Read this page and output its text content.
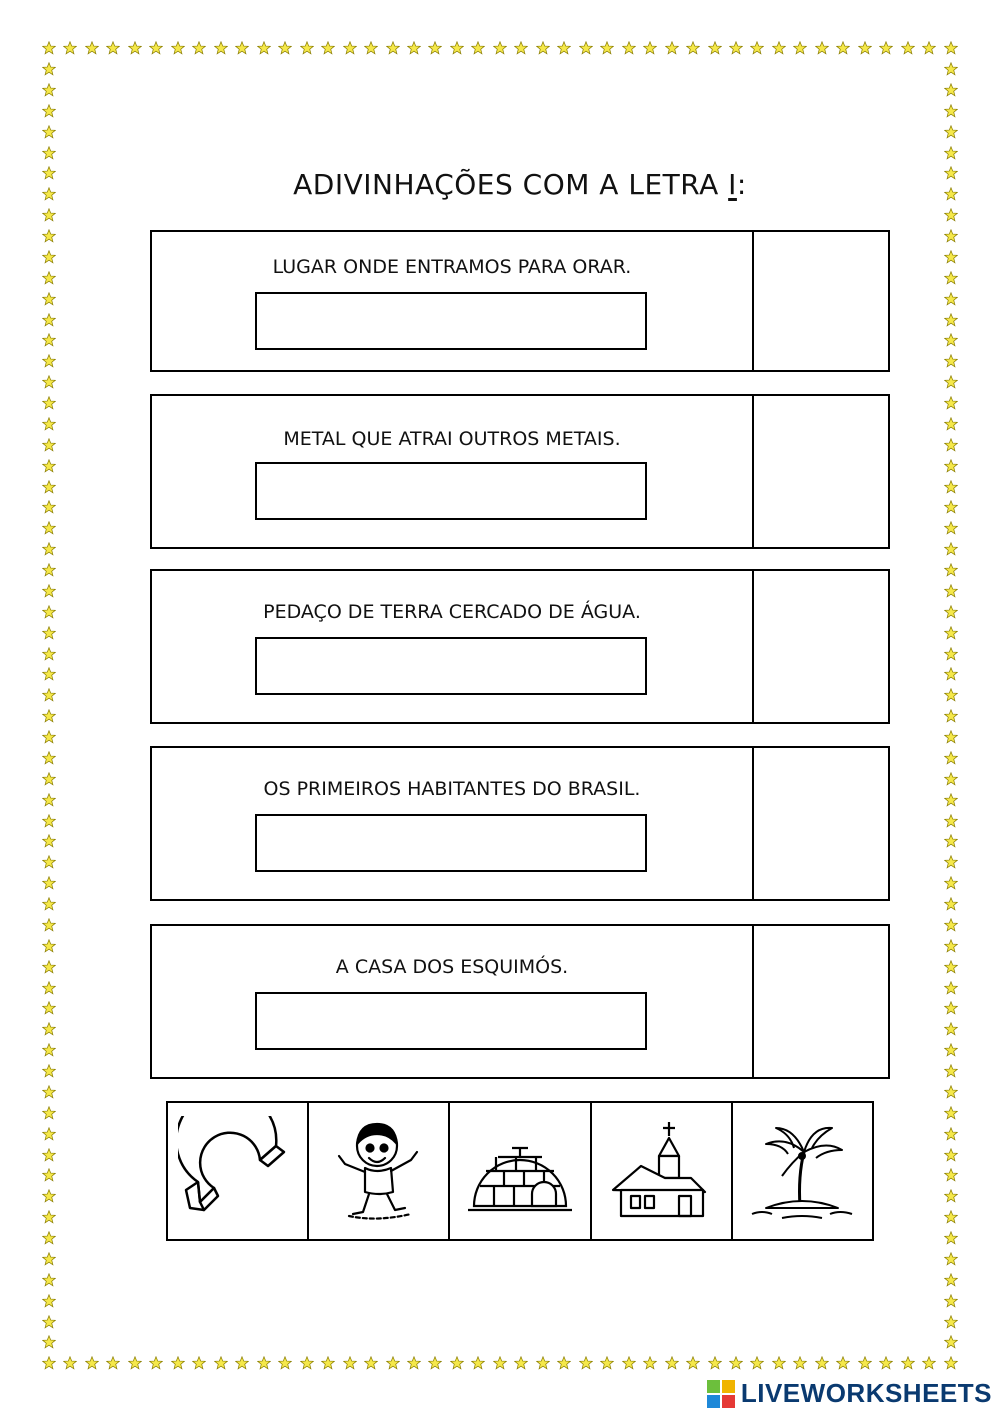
ADIVINHAÇÕES COM A LETRA I:
LUGAR ONDE ENTRAMOS PARA ORAR.
METAL QUE ATRAI OUTROS METAIS.
PEDAÇO DE TERRA CERCADO DE ÁGUA.
OS PRIMEIROS HABITANTES DO BRASIL.
A CASA DOS ESQUIMÓS.
LIVEWORKSHEETS
